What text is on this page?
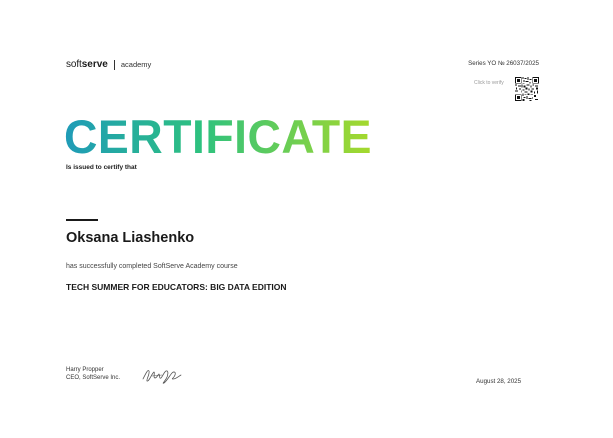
soft serve academy	Series YO № 26037/2025
Click to verify
CERTIFICATE
Is issued to certify that
Oksana Liashenko
has successfully completed SoftServe Academy course
TECH SUMMER FOR EDUCATORS: BIG DATA EDITION
Harry Propper
CEO, SoftServe Inc.	August 28, 2025
